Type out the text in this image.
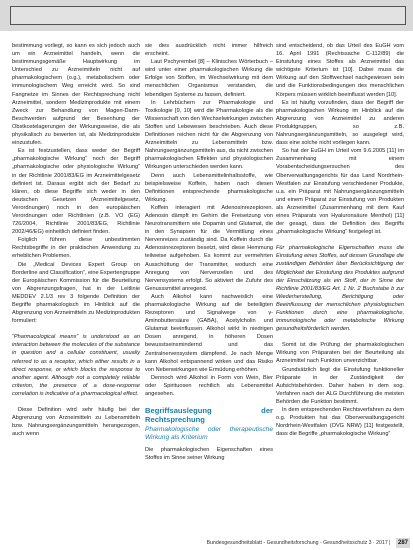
bestimmung vorliegt, so kann es sich jedoch auch um ein Arzneimittel handeln, wenn die bestimmungsgemäße Hauptwirkung im Unterschied zu Arzneimitteln nicht auf pharmakologischem (o.g.), metabolischem oder immunologischem Weg erreicht wird. So sind Fangnetze im Sinnes der Rechtsprechung nicht Arzneimittel, sondern Medizinprodukte mit einem Zweck zur Behandlung von Magen-Darm-Beschwerden aufgrund der Besenhung der Obstkostelagerungen der Wirkungsweise, die als physikalisch zu bewerten ist, als Medizinprodukte einzustufen.

Es ist festzustellen, dass weder der Begriff „pharmakologische Wirkung“ noch der Begriff „pharmakologische oder physiologische Wirkung“ in der Richtlinie 2001/83/EG im Arzneimittelgesetz definiert ist. Daraus ergibt sich der Bedarf zu klären, ob diese Begriffe sich weder in den deutschen Gesetzen (Arzneimittelgesetz, Verordnungen) noch in den europäischen Verordnungen oder Richtlinien (z.B. VO (EG) 726/2004, Richtlinie 2001/83/EG, Richtlinie 2002/46/EG) einheitlich definiert finden.

Folglich führen diese unbestimmten Rechtsbegriffe in der praktischen Anwendung zu erheblichen Problemen.

Die „Medical Devices Expert Group on Borderline and Classification“, eine Expertengruppe der Europäischen Kommission für die Beurteilung von Abgrenzungsfragen, hat in der Leitlinie MEDDEV 2.1/3 rev 3 folgende Definition der Begriffe pharmakologisch im Hinblick auf die Abgrenzung von Arzneimitteln zu Medizinprodukten formuliert:

“Pharmacological means” is understood as an interaction between the molecules of the substance in question and a cellular constituent, usually referred to as a receptor, which either results in a direct response, or which blocks the response to another agent. Although not a completely reliable criterion, the presence of a dose-response correlation is indicative of a pharmacological effect.

Diese Definition wird sehr häufig bei der Abgrenzung von Arzneimitteln zu Lebensmitteln bzw. Nahrungsergänzungsmitteln herangezogen, auch wenn

sie dies ausdrücklich nicht immer hilfreich erscheint.

Laut Pschyrembel [8] – Klinisches Wörterbuch – wird unter einer pharmakologischen Wirkung die Erfolge von Stoffen, im Wechselwirkung mit dem menschlichen Organismus verstanden, die lebendigen Systeme zu fassen, definiert.

In Lehrbüchern zur Pharmakologie und Toxikologie [9, 10] wird die Pharmakologie als die Wissenschaft von den Wechselwirkungen zwischen Stoffen und Lebewesen beschrieben. Auch diese Definitionen reichen nicht für die Abgrenzung von Arzneimitteln zu Lebensmitteln bzw. Nahrungsergänzungsmitteln aus, da nicht zwischen pharmakologischen Effekten und physiologischen Wirkungen unterschieden werden kann.

Denn auch Lebensmittelinhaltsstoffe, wie beispielsweise Koffein, haben nach diesen Definitionen entsprechende pharmakologische Wirkung.

Koffein interagiert mit Adenosinrezeptoren. Adenosin dämpft im Gehirn die Freisetzung von Neurotransmittern wie Dopamin und Glutamat, die in den Synapsen für die Vermittlung eines Nervenreizes zuständig sind. Da Koffein durch die Adenosinrezeptoren besetzt, wird diese Hemmung teilweise aufgehoben. Es kommt zur vermehrten Ausschüttung der Transmitter, wodurch eine Anregung von Nervenzellen und des Nervensystems erfolgt. So aktiviert die Zufuhr des Genusssmittel anregend.

Auch Alkohol kann nachweislich eine pharmakologische Wirkung auf die beteiligten Rezeptoren und Signalwege von γ-Aminobuttersäure (GABA), Acetylcholin und Glutamat beeinflussen. Alkohol wirkt in niedrigen Dosen anregend, in höheren Dosen bewusstseinsmindernd und das Zentralnervensystem dämpfend. Je nach Menge kann Alkohol entspannend wirken und das Risiko von Nebenwirkungen wie Ermüdung erhöhen.

Dennoch wird Alkohol in Form von Wein, Bier oder Spirituosen rechtlich als Lebensmittel angesehen.

Begriffsauslegung der Rechtsprechung
Pharmakologische oder therapeutische Wirkung als Kriterium

Die pharmakologischen Eigenschaften eines Stoffes im Sinne seiner Wirkung

sind entscheidend, ob das Urteil des EuGH vom 16. April 1991 (Rechtssache C-112/89) die Einstufung eines Stoffes als Arzneimittel das wichtigste Kriterium ist [10]. Dabei muss die Wirkung auf den Stoffwechsel nachgewiesen sein und die Funktionsbedingungen des menschlichen Körpers müssen wirklich beeinflusst werden [10].

Es ist häufig vorzufinden, dass der Begriff der pharmakologischen Wirkung im Hinblick auf die Abgrenzung von Arzneimittel zu anderen Produktgruppen, so z.B. Nahrungsergänzungsmitteln, so ausgelegt wird, dass eine solche nicht vorliegen kann.

So hat der EuGH im Urteil vom 9.6.2005 [11] im Zusammenhang mit einem Vorabentscheidungsersuchen des Oberverwaltungsgerichts für das Land Nordrhein-Westfalen zur Einstufung verschiedener Produkte, u.a. ein Präparat mit Nahrungsergänzungsmitteln und einem Präparat zur Einstufung von Produkten als Arzneimittel (Zusammenhang mit dem Kauf eines Präparats von Hyaluronsäure Menthol) [11] der gesagt, dass die Definition des Begriffs „pharmakologische Wirkung“ festgelegt ist.

Für pharmakologische Eigenschaften muss die Einstufung eines Stoffes, auf dessen Grundlage die zuständigen Behörden über Berücksichtigung der Möglichkeit der Einstufung des Produktes aufgrund der Einschätzung als ein Stoff, der in Sinne der Richtlinie 2001/83/EG Art. 1 Nr. 2 Buchstabe b zur Wiederherstellung, Berichtigung oder Beeinflussung der menschlichen physiologischen Funktionen durch eine pharmakologische, immunologische oder metabolische Wirkung gesundheitsförderlich werden.

Somit ist die Prüfung der pharmakologischen Wirkung von Präparaten bei der Beurteilung als Arzneimittel nach Funktion unverzichtbar.

Grundsätzlich liegt die Einstufung funktioneller Präparate in der Zuständigkeit der Aufsichtsbehörden. Daher haben in dem sog. Verfahren nach der ALG Durchführung die meisten Behörden die Funktion bestimmt.

In dem entsprechenden Rechtsverfahren zu dem o.g. Produkten hat das Oberverwaltungsgericht Nordrhein-Westfalen (OVG NRW) [11] festgestellt, dass die Begriffe „pharmakologische Wirkung“

Bundesgesundheitsblatt - Gesundheitsforschung - Gesundheitsschutz 3 · 2017 | 287
